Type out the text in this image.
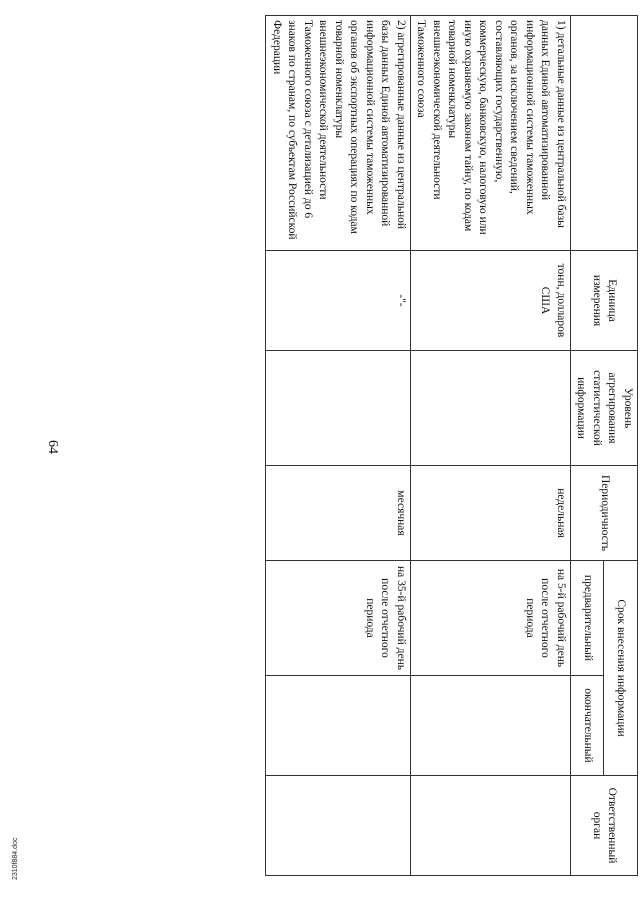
64
2310f884.doc
	Единица измерения	Уровень агрегирования статистической информации	Периодичность	Срок внесения информации		Ответственный орган
				предварительный	окончательный	
1) детальные данные из центральной базы данных Единой автоматизированной информационной системы таможенных органов, за исключением сведений, составляющих государственную, коммерческую, банковскую, налоговую или иную охраняемую законом тайну, по кодам товарной номенклатуры внешнеэкономической деятельности Таможенного союза	тонн, долларов США		недельная	на 5-й рабочий день после отчетного периода		
2) агрегированные данные из центральной базы данных Единой автоматизированной информационной системы таможенных органов об экспортных операциях по кодам товарной номенклатуры внешнеэкономической деятельности Таможенного союза с детализацией до 6 знаков по странам, по субъектам Российской Федерации	-"-		месячная	на 35-й рабочий день после отчетного периода		
